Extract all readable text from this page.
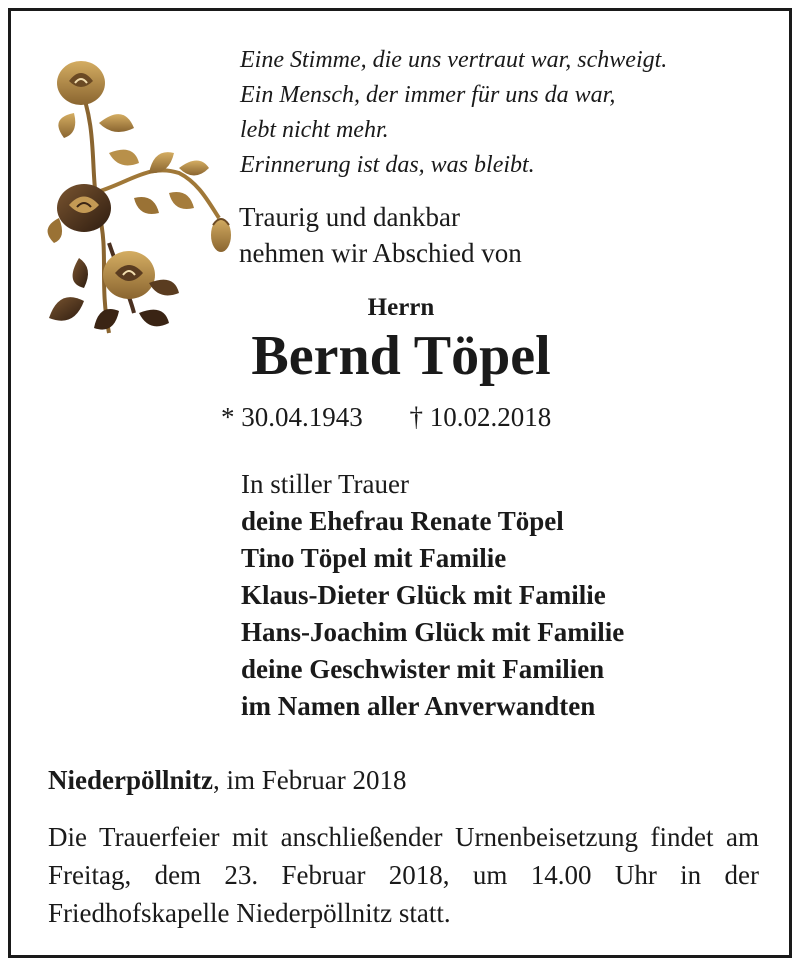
Eine Stimme, die uns vertraut war, schweigt.
Ein Mensch, der immer für uns da war,
lebt nicht mehr.
Erinnerung ist das, was bleibt.
Traurig und dankbar
nehmen wir Abschied von
Herrn
Bernd Töpel
* 30.04.1943 † 10.02.2018
In stiller Trauer
deine Ehefrau Renate Töpel
Tino Töpel mit Familie
Klaus-Dieter Glück mit Familie
Hans-Joachim Glück mit Familie
deine Geschwister mit Familien
im Namen aller Anverwandten
Niederpöllnitz, im Februar 2018
Die Trauerfeier mit anschließender Urnenbeisetzung findet am Freitag, dem 23. Februar 2018, um 14.00 Uhr in der Friedhofskapelle Niederpöllnitz statt.
